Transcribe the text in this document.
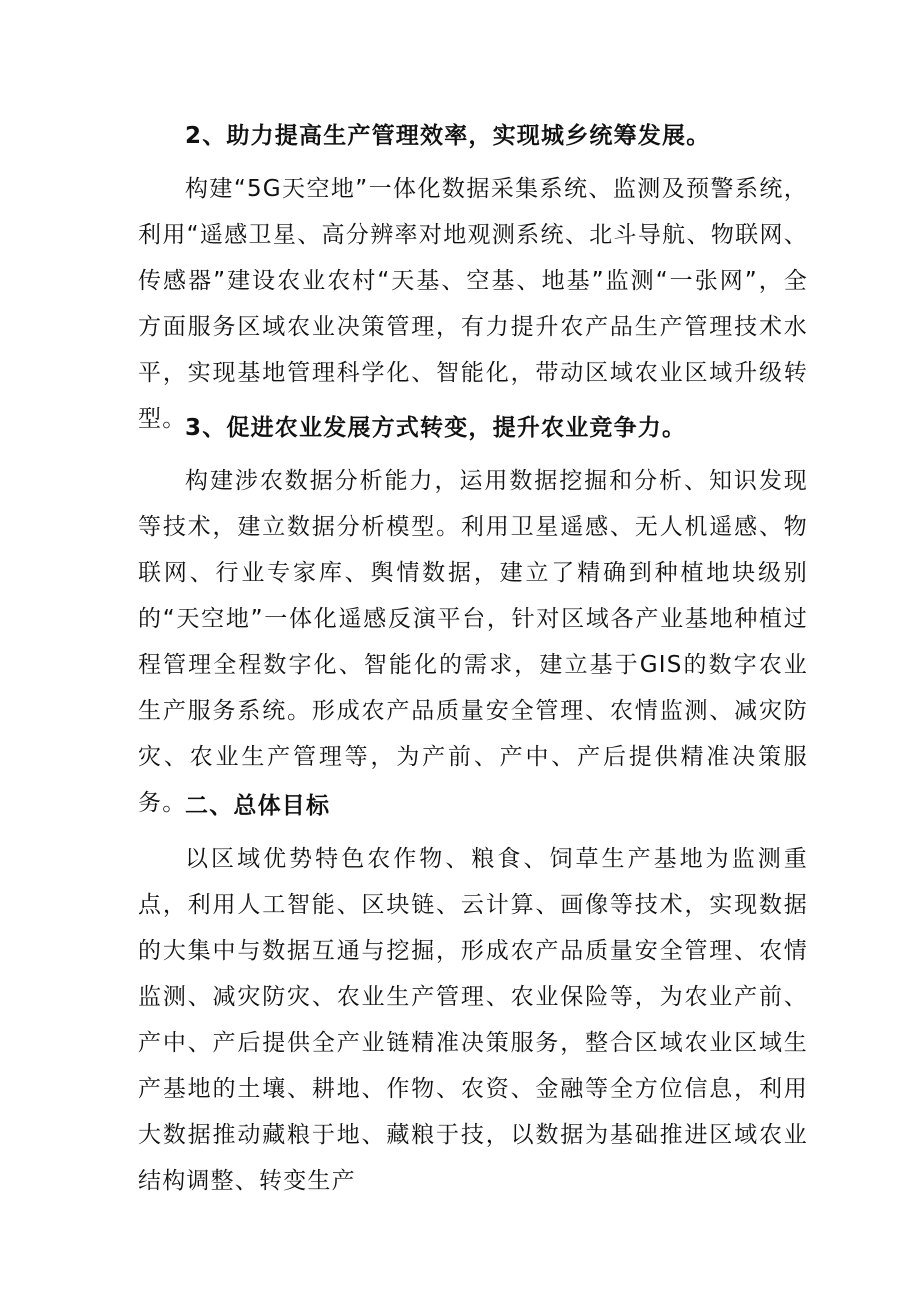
2、助力提高生产管理效率，实现城乡统筹发展。

构建“5G天空地”一体化数据采集系统、监测及预警系统，利用“遥感卫星、高分辨率对地观测系统、北斗导航、物联网、传感器”建设农业农村“天基、空基、地基”监测“一张网”，全方面服务区域农业决策管理，有力提升农产品生产管理技术水平，实现基地管理科学化、智能化，带动区域农业区域升级转型。

3、促进农业发展方式转变，提升农业竞争力。

构建涉农数据分析能力，运用数据挖掘和分析、知识发现等技术，建立数据分析模型。利用卫星遥感、无人机遥感、物联网、行业专家库、舆情数据，建立了精确到种植地块级别的“天空地”一体化遥感反演平台，针对区域各产业基地种植过程管理全程数字化、智能化的需求，建立基于GIS的数字农业生产服务系统。形成农产品质量安全管理、农情监测、减灾防灾、农业生产管理等，为产前、产中、产后提供精准决策服务。

二、总体目标

以区域优势特色农作物、粮食、饲草生产基地为监测重点，利用人工智能、区块链、云计算、画像等技术，实现数据的大集中与数据互通与挖掘，形成农产品质量安全管理、农情监测、减灾防灾、农业生产管理、农业保险等，为农业产前、产中、产后提供全产业链精准决策服务，整合区域农业区域生产基地的土壤、耕地、作物、农资、金融等全方位信息，利用大数据推动藏粮于地、藏粮于技，以数据为基础推进区域农业结构调整、转变生产
